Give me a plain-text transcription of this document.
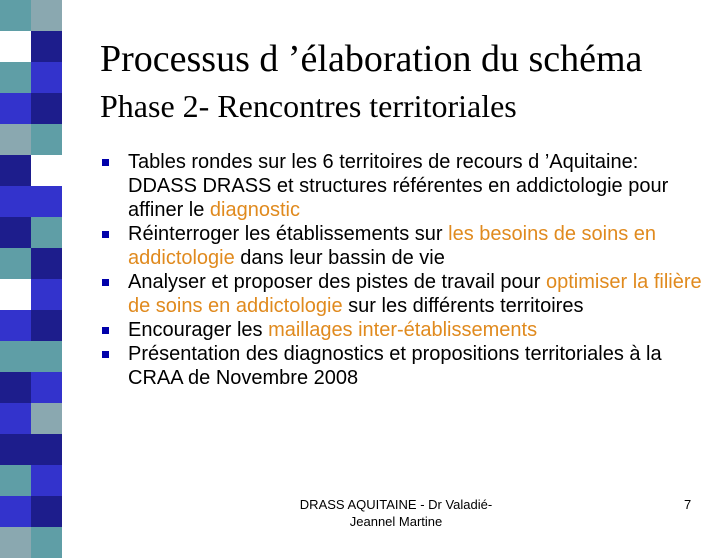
Processus d ’élaboration du schéma
Phase 2- Rencontres territoriales
Tables rondes sur les 6 territoires de recours d ’Aquitaine: DDASS DRASS et structures référentes en addictologie pour affiner le diagnostic
Réinterroger les établissements sur les besoins de soins en addictologie dans leur bassin de vie
Analyser et proposer des pistes de travail pour optimiser la filière de soins en addictologie sur les différents territoires
Encourager les maillages inter-établissements
Présentation des diagnostics et propositions territoriales à la CRAA de Novembre 2008
DRASS AQUITAINE - Dr Valadié-Jeannel Martine
7
